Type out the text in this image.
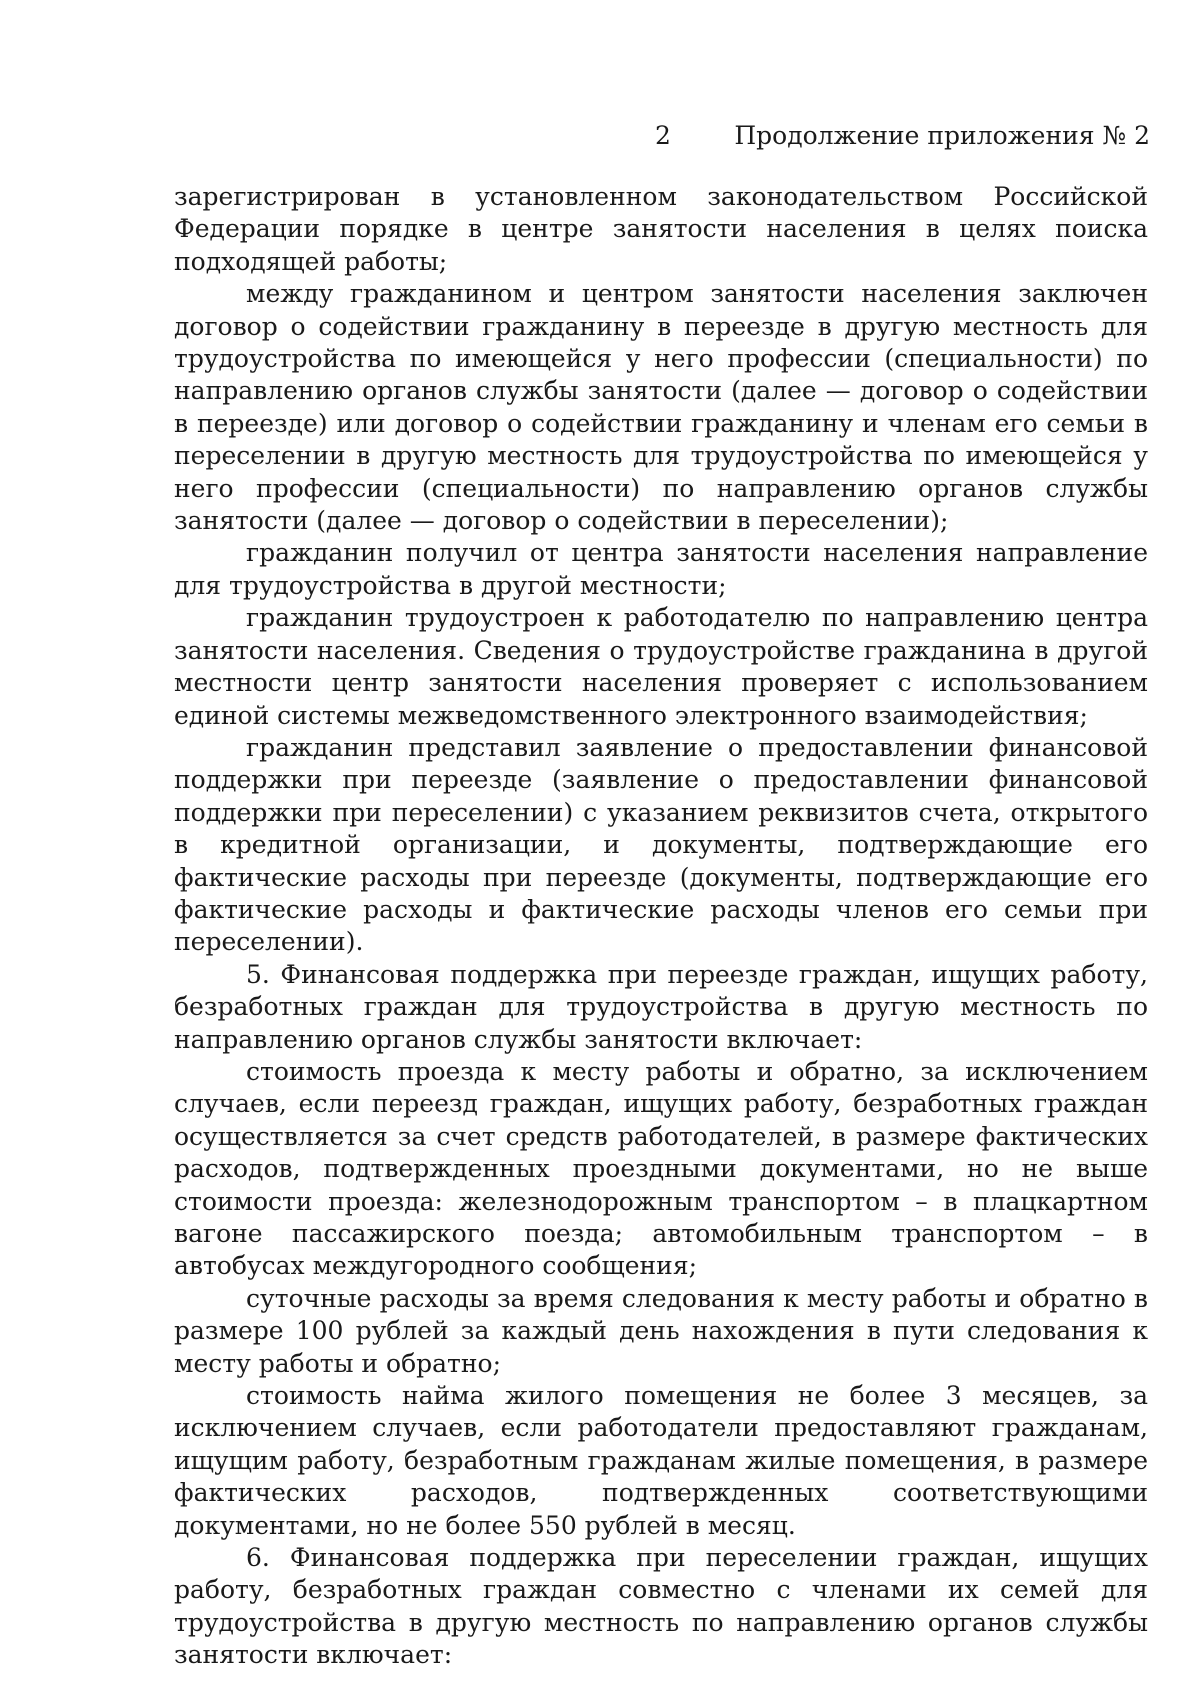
2	Продолжение приложения № 2

зарегистрирован в установленном законодательством Российской Федерации порядке в центре занятости населения в целях поиска подходящей работы;

между гражданином и центром занятости населения заключен договор о содействии гражданину в переезде в другую местность для трудоустройства по имеющейся у него профессии (специальности) по направлению органов службы занятости (далее — договор о содействии в переезде) или договор о содействии гражданину и членам его семьи в переселении в другую местность для трудоустройства по имеющейся у него профессии (специальности) по направлению органов службы занятости (далее — договор о содействии в переселении);

гражданин получил от центра занятости населения направление для трудоустройства в другой местности;

гражданин трудоустроен к работодателю по направлению центра занятости населения. Сведения о трудоустройстве гражданина в другой местности центр занятости населения проверяет с использованием единой системы межведомственного электронного взаимодействия;

гражданин представил заявление о предоставлении финансовой поддержки при переезде (заявление о предоставлении финансовой поддержки при переселении) с указанием реквизитов счета, открытого в кредитной организации, и документы, подтверждающие его фактические расходы при переезде (документы, подтверждающие его фактические расходы и фактические расходы членов его семьи при переселении).

5. Финансовая поддержка при переезде граждан, ищущих работу, безработных граждан для трудоустройства в другую местность по направлению органов службы занятости включает:

стоимость проезда к месту работы и обратно, за исключением случаев, если переезд граждан, ищущих работу, безработных граждан осуществляется за счет средств работодателей, в размере фактических расходов, подтвержденных проездными документами, но не выше стоимости проезда: железнодорожным транспортом – в плацкартном вагоне пассажирского поезда; автомобильным транспортом – в автобусах междугородного сообщения;

суточные расходы за время следования к месту работы и обратно в размере 100 рублей за каждый день нахождения в пути следования к месту работы и обратно;

стоимость найма жилого помещения не более 3 месяцев, за исключением случаев, если работодатели предоставляют гражданам, ищущим работу, безработным гражданам жилые помещения, в размере фактических расходов, подтвержденных соответствующими документами, но не более 550 рублей в месяц.

6. Финансовая поддержка при переселении граждан, ищущих работу, безработных граждан совместно с членами их семей для трудоустройства в другую местность по направлению органов службы занятости включает:
